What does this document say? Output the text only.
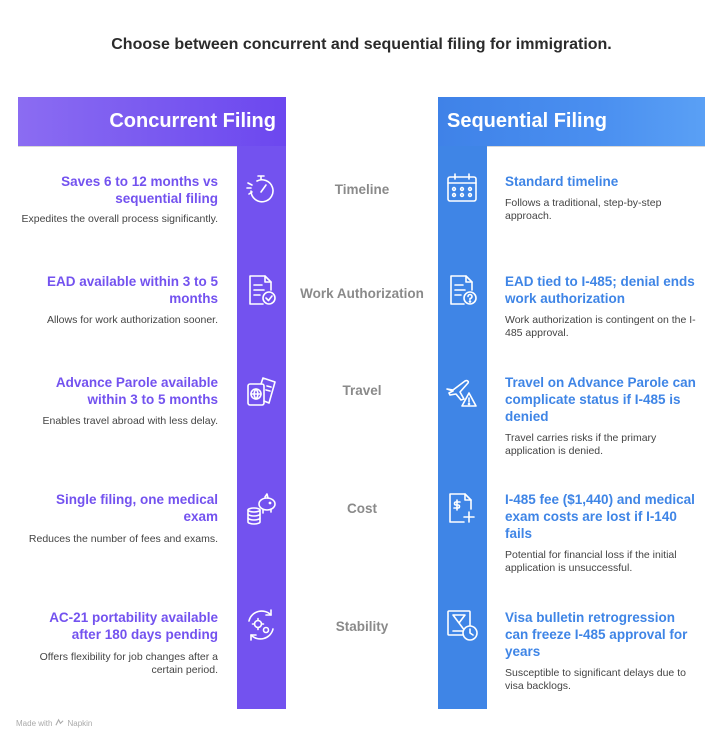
Choose between concurrent and sequential filing for immigration.
Concurrent Filing	Sequential Filing
Saves 6 to 12 months vs sequential filing
Expedites the overall process significantly.
Timeline
Standard timeline
Follows a traditional, step-by-step approach.
EAD available within 3 to 5 months
Allows for work authorization sooner.
Work Authorization
EAD tied to I-485; denial ends work authorization
Work authorization is contingent on the I-485 approval.
Advance Parole available within 3 to 5 months
Enables travel abroad with less delay.
Travel
Travel on Advance Parole can complicate status if I-485 is denied
Travel carries risks if the primary application is denied.
Single filing, one medical exam
Reduces the number of fees and exams.
Cost
I-485 fee ($1,440) and medical exam costs are lost if I-140 fails
Potential for financial loss if the initial application is unsuccessful.
AC-21 portability available after 180 days pending
Offers flexibility for job changes after a certain period.
Stability
Visa bulletin retrogression can freeze I-485 approval for years
Susceptible to significant delays due to visa backlogs.
Made with Napkin
